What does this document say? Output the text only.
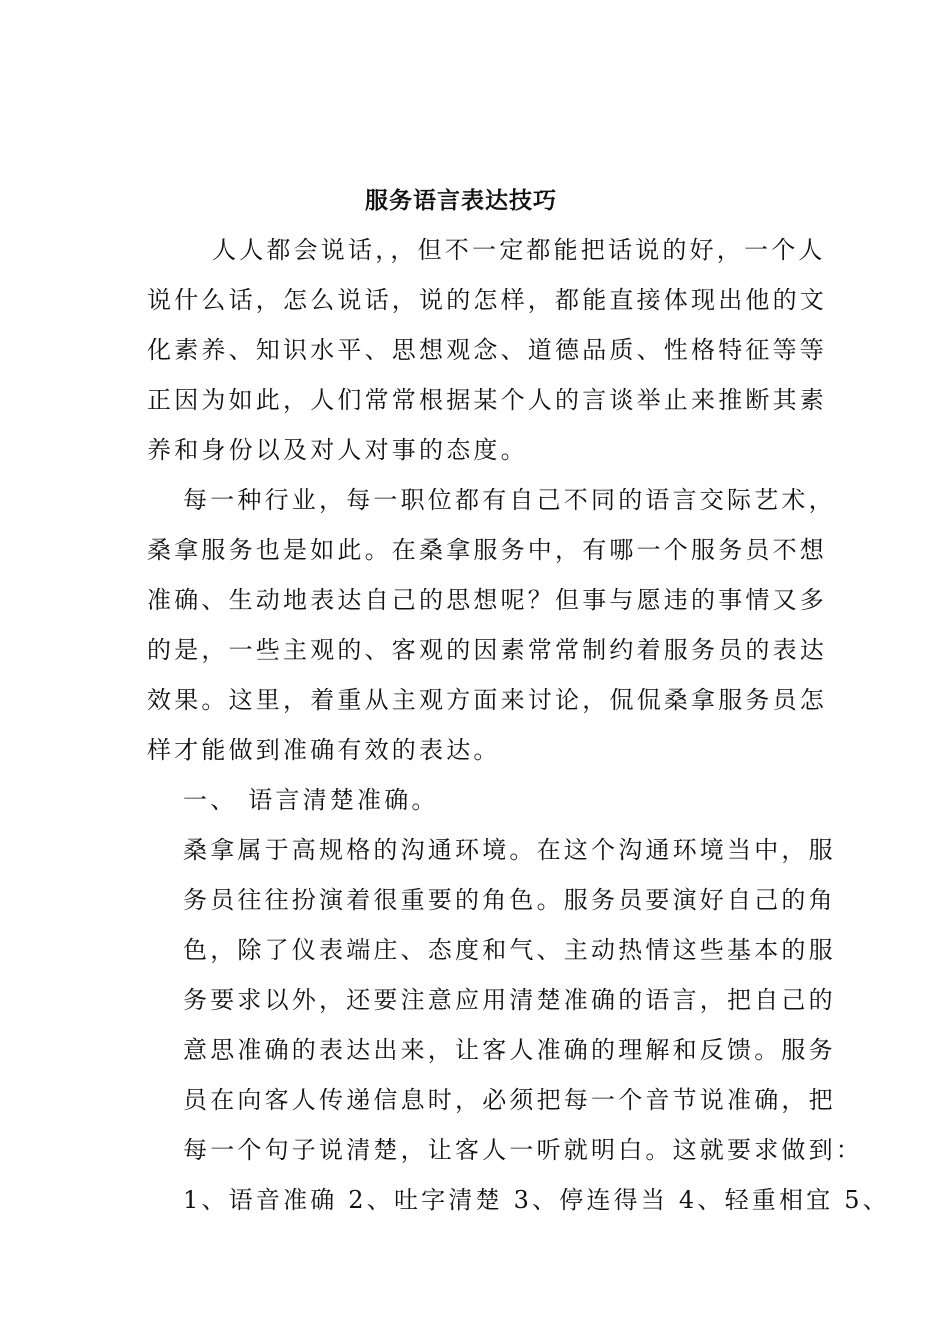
服务语言表达技巧
人人都会说话，，但不一定都能把话说的好，一个人
说什么话，怎么说话，说的怎样，都能直接体现出他的文
化素养、知识水平、思想观念、道德品质、性格特征等等
正因为如此，人们常常根据某个人的言谈举止来推断其素
养和身份以及对人对事的态度。
每一种行业，每一职位都有自己不同的语言交际艺术，
桑拿服务也是如此。在桑拿服务中，有哪一个服务员不想
准确、生动地表达自己的思想呢？但事与愿违的事情又多
的是，一些主观的、客观的因素常常制约着服务员的表达
效果。这里，着重从主观方面来讨论，侃侃桑拿服务员怎
样才能做到准确有效的表达。
一、 语言清楚准确。
桑拿属于高规格的沟通环境。在这个沟通环境当中，服
务员往往扮演着很重要的角色。服务员要演好自己的角
色，除了仪表端庄、态度和气、主动热情这些基本的服
务要求以外，还要注意应用清楚准确的语言，把自己的
意思准确的表达出来，让客人准确的理解和反馈。服务
员在向客人传递信息时，必须把每一个音节说准确，把
每一个句子说清楚，让客人一听就明白。这就要求做到：
1、语音准确 2、吐字清楚 3、停连得当 4、轻重相宜 5、
